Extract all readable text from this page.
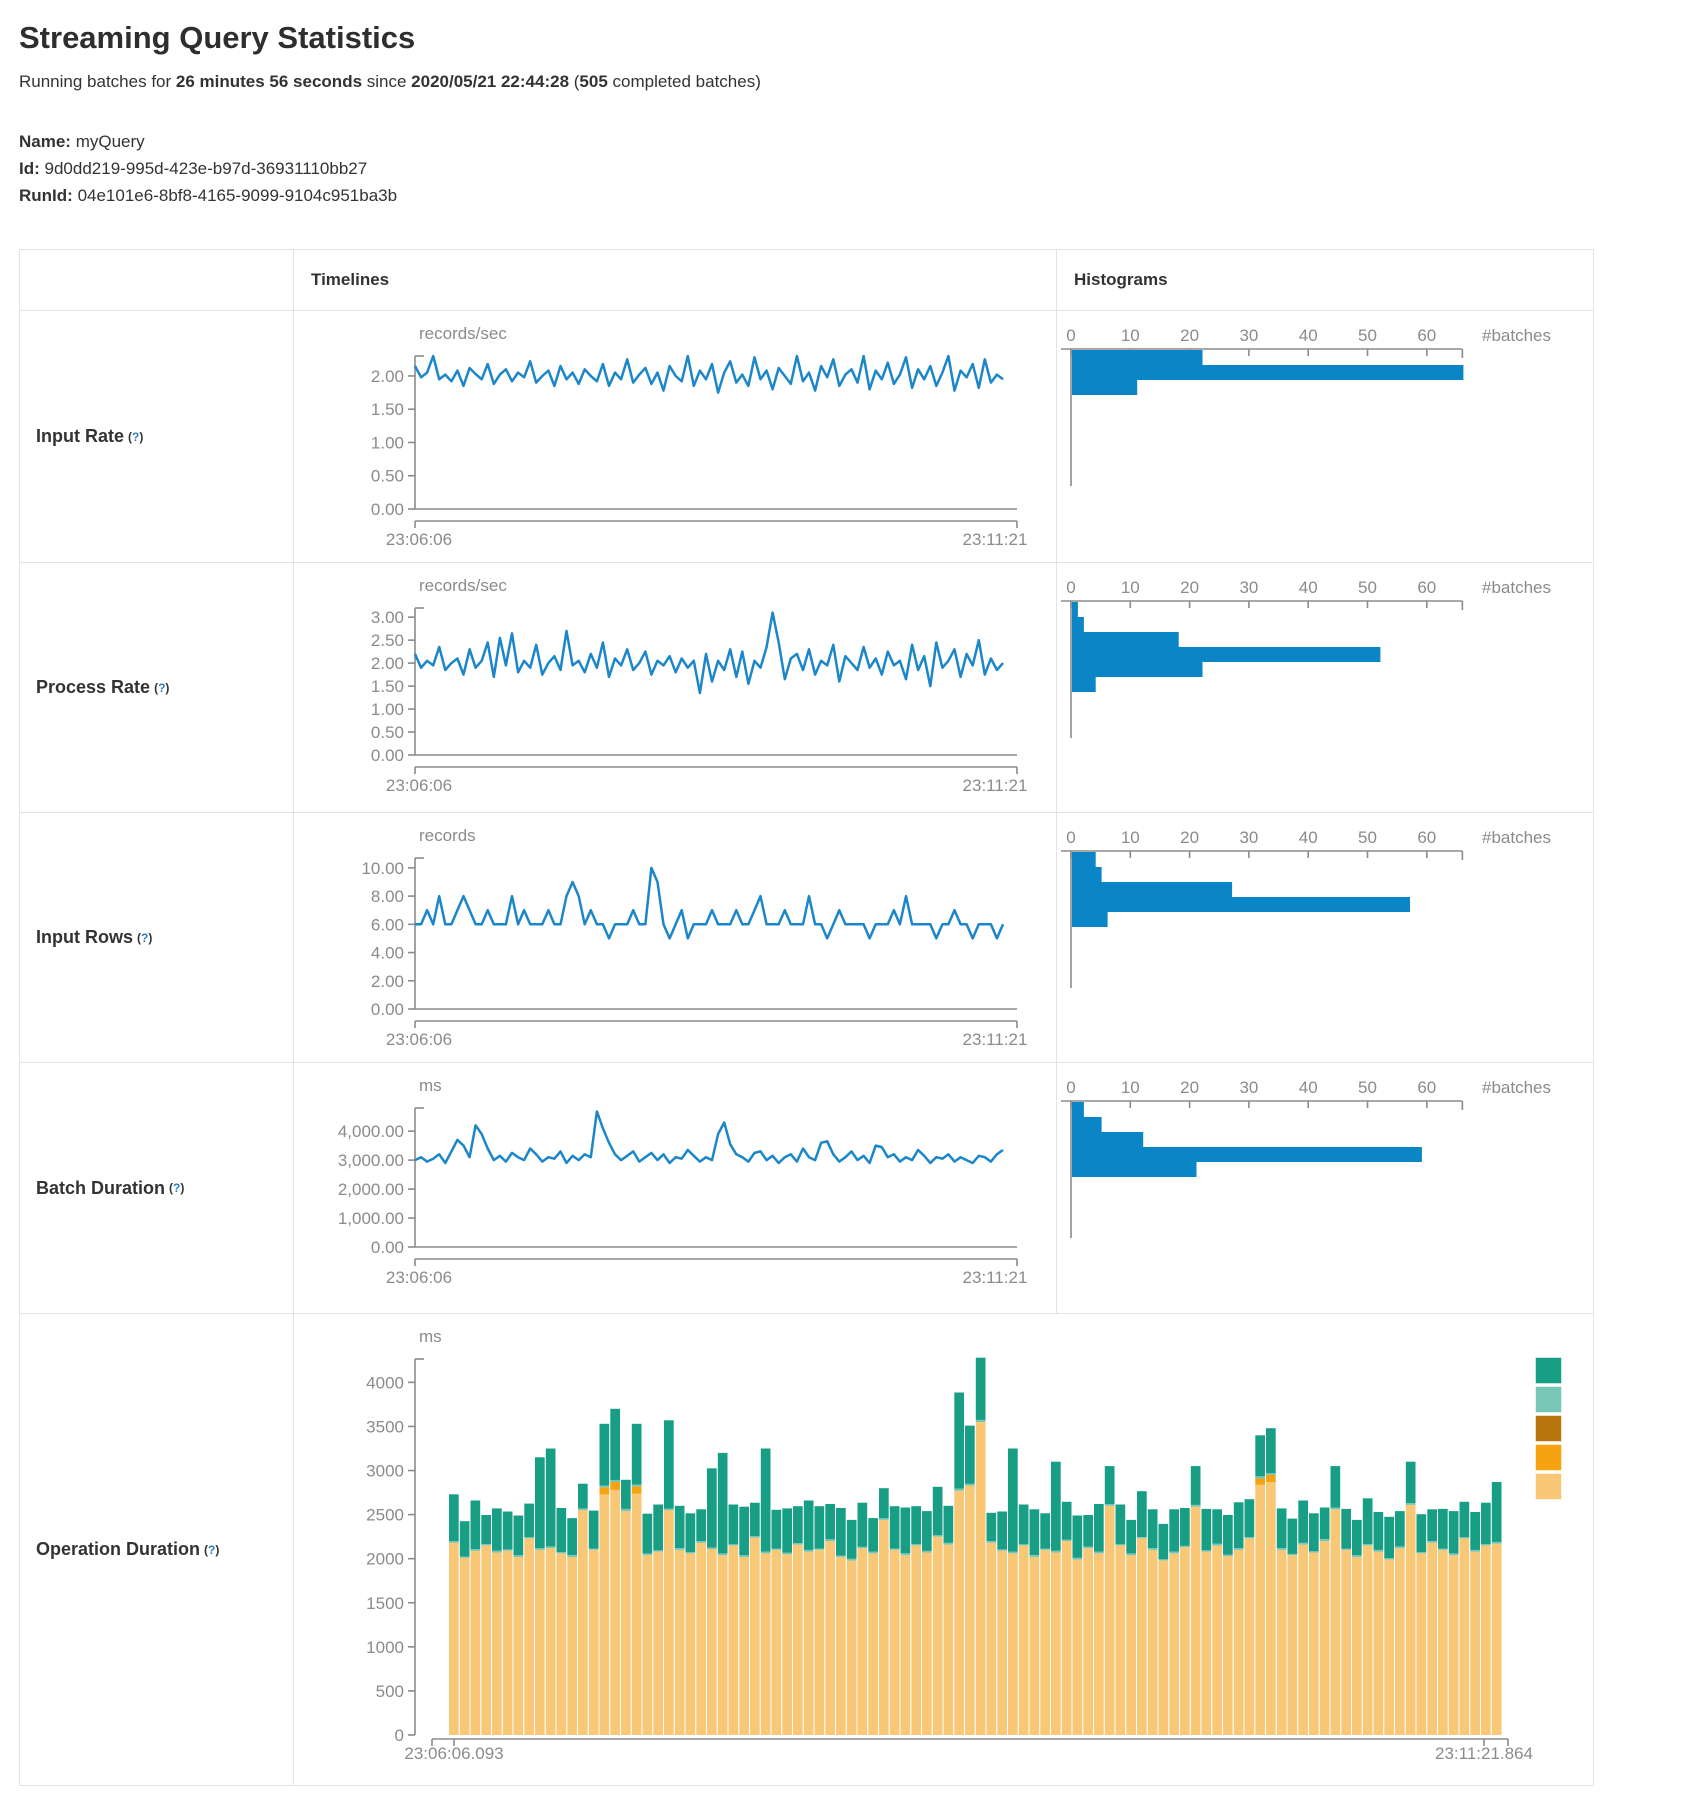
Streaming Query Statistics

Running batches for 26 minutes 56 seconds since 2020/05/21 22:44:28 (505 completed batches)

Name: myQuery
Id: 9d0dd219-995d-423e-b97d-36931110bb27
RunId: 04e101e6-8bf8-4165-9099-9104c951ba3b
Timelines	Histograms
Input Rate (?)
records/sec
2.00
1.50
1.00
0.50
0.00
23:06:06	23:11:21
0	10 20 30 40 50 60	#batches
Process Rate (?)
records/sec
3.00
2.50
2.00
1.50
1.00
0.50
0.00
23:06:06	23:11:21
0	10 20 30 40 50 60	#batches
Input Rows (?)
records
10.00
8.00
6.00
4.00
2.00
0.00
23:06:06	23:11:21
0	10 20 30 40 50 60	#batches
Batch Duration (?)
ms
4,000.00
3,000.00
2,000.00
1,000.00
0.00
23:06:06	23:11:21
0	10 20 30 40 50 60	#batches
Operation Duration (?)
ms
0
500
1000
1500
2000
2500
3000
3500
4000
23:06:06.093	23:11:21.864
